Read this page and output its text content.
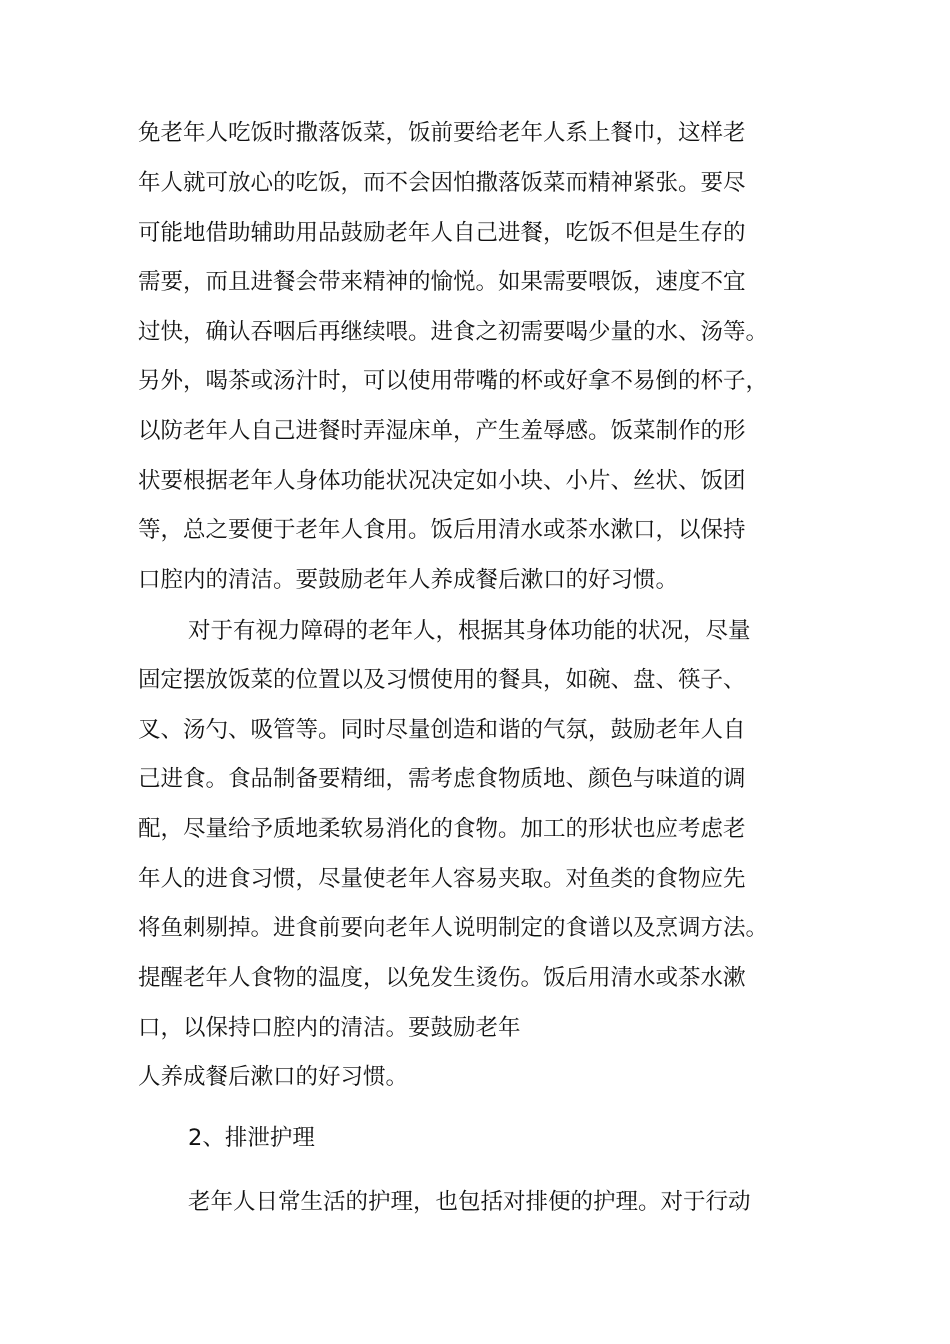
免老年人吃饭时撒落饭菜，饭前要给老年人系上餐巾，这样老
年人就可放心的吃饭，而不会因怕撒落饭菜而精神紧张。要尽
可能地借助辅助用品鼓励老年人自己进餐，吃饭不但是生存的
需要，而且进餐会带来精神的愉悦。如果需要喂饭，速度不宜
过快，确认吞咽后再继续喂。进食之初需要喝少量的水、汤等。
另外，喝茶或汤汁时，可以使用带嘴的杯或好拿不易倒的杯子，
以防老年人自己进餐时弄湿床单，产生羞辱感。饭菜制作的形
状要根据老年人身体功能状况决定如小块、小片、丝状、饭团
等，总之要便于老年人食用。饭后用清水或茶水漱口，以保持
口腔内的清洁。要鼓励老年人养成餐后漱口的好习惯。
对于有视力障碍的老年人，根据其身体功能的状况，尽量
固定摆放饭菜的位置以及习惯使用的餐具，如碗、盘、筷子、
叉、汤勺、吸管等。同时尽量创造和谐的气氛，鼓励老年人自
己进食。食品制备要精细，需考虑食物质地、颜色与味道的调
配，尽量给予质地柔软易消化的食物。加工的形状也应考虑老
年人的进食习惯，尽量使老年人容易夹取。对鱼类的食物应先
将鱼刺剔掉。进食前要向老年人说明制定的食谱以及烹调方法。
提醒老年人食物的温度，以免发生烫伤。饭后用清水或茶水漱
口，以保持口腔内的清洁。要鼓励老年
人养成餐后漱口的好习惯。
2、排泄护理
老年人日常生活的护理，也包括对排便的护理。对于行动
